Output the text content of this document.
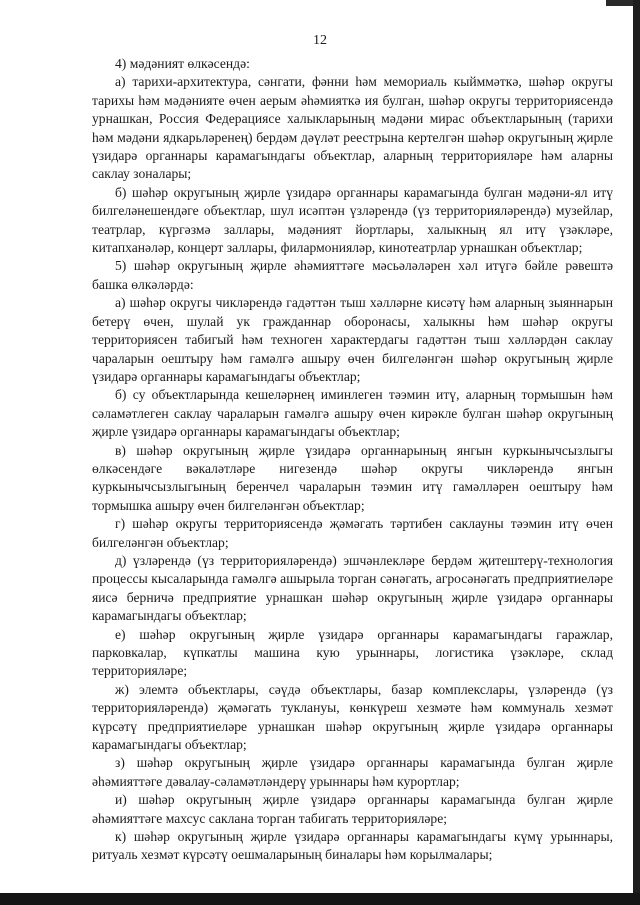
12

4) мәдәният өлкәсендә:

а) тарихи-архитектура, сәнгати, фәнни һәм мемориаль кыйммәткә, шәһәр округы тарихы һәм мәдәнияте өчен аерым әһәмияткә ия булган, шәһәр округы территориясендә урнашкан, Россия Федерациясе халыкларының мәдәни мирас объектларының (тарихи һәм мәдәни ядкарьләренең) бердәм дәүләт реестрына кертелгән шәһәр округының җирле үзидарә органнары карамагындагы объектлар, аларның территорияләре һәм аларны саклау зоналары;

б) шәһәр округының җирле үзидарә органнары карамагында булган мәдәни-ял итү билгеләнешендәге объектлар, шул исәптән үзләрендә (үз территорияләрендә) музейлар, театрлар, күргәзмә заллары, мәдәният йортлары, халыкның ял итү үзәкләре, китапханәләр, концерт заллары, филармонияләр, кинотеатрлар урнашкан объектлар;

5) шәһәр округының җирле әһәмияттәге мәсьәләләрен хәл итүгә бәйле рәвештә башка өлкәләрдә:

а) шәһәр округы чикләрендә гадәттән тыш хәлләрне кисәтү һәм аларның зыяннарын бетерү өчен, шулай ук гражданнар оборонасы, халыкны һәм шәһәр округы территориясен табигый һәм техноген характердагы гадәттән тыш хәлләрдән саклау чараларын оештыру һәм гамәлгә ашыру өчен билгеләнгән шәһәр округының җирле үзидарә органнары карамагындагы объектлар;

б) су объектларында кешеләрнең иминлеген тәэмин итү, аларның тормышын һәм сәламәтлеген саклау чараларын гамәлгә ашыру өчен кирәкле булган шәһәр округының җирле үзидарә органнары карамагындагы объектлар;

в) шәһәр округының җирле үзидарә органнарының янгын куркынычсызлыгы өлкәсендәге вәкаләтләре нигезендә шәһәр округы чикләрендә янгын куркынычсызлыгының беренчел чараларын тәэмин итү гамәлләрен оештыру һәм тормышка ашыру өчен билгеләнгән объектлар;

г) шәһәр округы территориясендә җәмәгать тәртибен саклауны тәэмин итү өчен билгеләнгән объектлар;

д) үзләрендә (үз территорияләрендә) эшчәнлекләре бердәм җитештерү-технология процессы кысаларында гамәлгә ашырыла торган сәнәгать, агросәнәгать предприятиеләре яисә берничә предприятие урнашкан шәһәр округының җирле үзидарә органнары карамагындагы объектлар;

е) шәһәр округының җирле үзидарә органнары карамагындагы гаражлар, парковкалар, күпкатлы машина кую урыннары, логистика үзәкләре, склад территорияләре;

ж) элемтә объектлары, сәүдә объектлары, базар комплекслары, үзләрендә (үз территорияләрендә) җәмәгать туклануы, көнкүреш хезмәте һәм коммуналь хезмәт күрсәтү предприятиеләре урнашкан шәһәр округының җирле үзидарә органнары карамагындагы объектлар;

з) шәһәр округының җирле үзидарә органнары карамагында булган җирле әһәмияттәге дәвалау-сәламәтләндерү урыннары һәм курортлар;

и) шәһәр округының җирле үзидарә органнары карамагында булган җирле әһәмияттәге махсус саклана торган табигать территорияләре;

к) шәһәр округының җирле үзидарә органнары карамагындагы күмү урыннары, ритуаль хезмәт күрсәтү оешмаларының биналары һәм корылмалары;
